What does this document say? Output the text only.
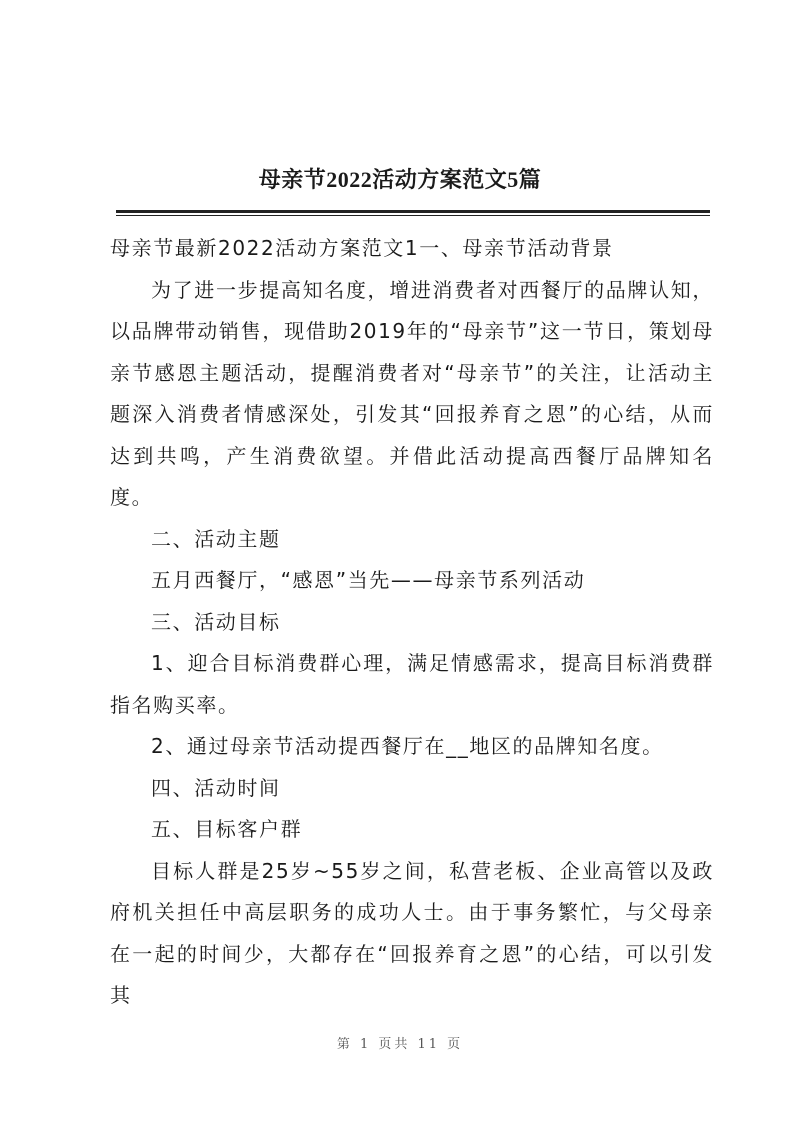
母亲节2022活动方案范文5篇

母亲节最新2022活动方案范文1一、母亲节活动背景

为了进一步提高知名度，增进消费者对西餐厅的品牌认知，以品牌带动销售，现借助2019年的“母亲节”这一节日，策划母亲节感恩主题活动，提醒消费者对“母亲节”的关注，让活动主题深入消费者情感深处，引发其“回报养育之恩”的心结，从而达到共鸣，产生消费欲望。并借此活动提高西餐厅品牌知名度。

二、活动主题

五月西餐厅，“感恩”当先——母亲节系列活动

三、活动目标

1、迎合目标消费群心理，满足情感需求，提高目标消费群指名购买率。

2、通过母亲节活动提西餐厅在__地区的品牌知名度。

四、活动时间

五、目标客户群

目标人群是25岁~55岁之间，私营老板、企业高管以及政府机关担任中高层职务的成功人士。由于事务繁忙，与父母亲在一起的时间少，大都存在“回报养育之恩”的心结，可以引发其

第 1 页共 11 页
